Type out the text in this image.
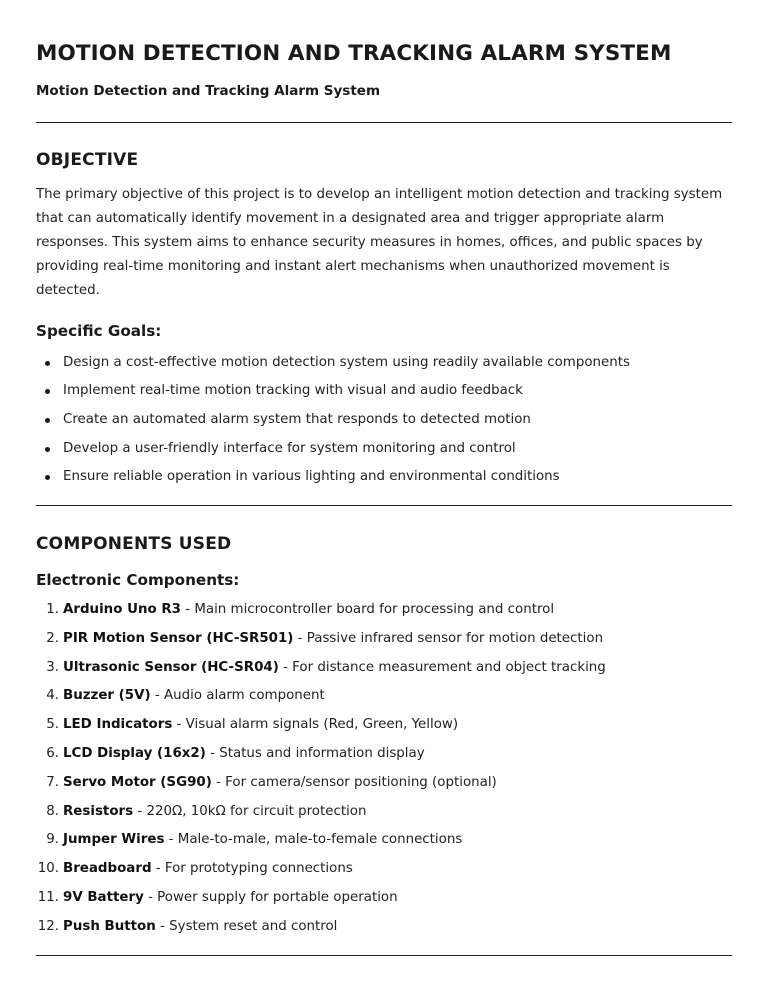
MOTION DETECTION AND TRACKING ALARM SYSTEM

Motion Detection and Tracking Alarm System

OBJECTIVE

The primary objective of this project is to develop an intelligent motion detection and tracking system that can automatically identify movement in a designated area and trigger appropriate alarm responses. This system aims to enhance security measures in homes, offices, and public spaces by providing real-time monitoring and instant alert mechanisms when unauthorized movement is detected.

Specific Goals:
Design a cost-effective motion detection system using readily available components
Implement real-time motion tracking with visual and audio feedback
Create an automated alarm system that responds to detected motion
Develop a user-friendly interface for system monitoring and control
Ensure reliable operation in various lighting and environmental conditions
COMPONENTS USED
Electronic Components:
1. Arduino Uno R3 - Main microcontroller board for processing and control
2. PIR Motion Sensor (HC-SR501) - Passive infrared sensor for motion detection
3. Ultrasonic Sensor (HC-SR04) - For distance measurement and object tracking
4. Buzzer (5V) - Audio alarm component
5. LED Indicators - Visual alarm signals (Red, Green, Yellow)
6. LCD Display (16x2) - Status and information display
7. Servo Motor (SG90) - For camera/sensor positioning (optional)
8. Resistors - 220Ω, 10kΩ for circuit protection
9. Jumper Wires - Male-to-male, male-to-female connections
10. Breadboard - For prototyping connections
11. 9V Battery - Power supply for portable operation
12. Push Button - System reset and control
